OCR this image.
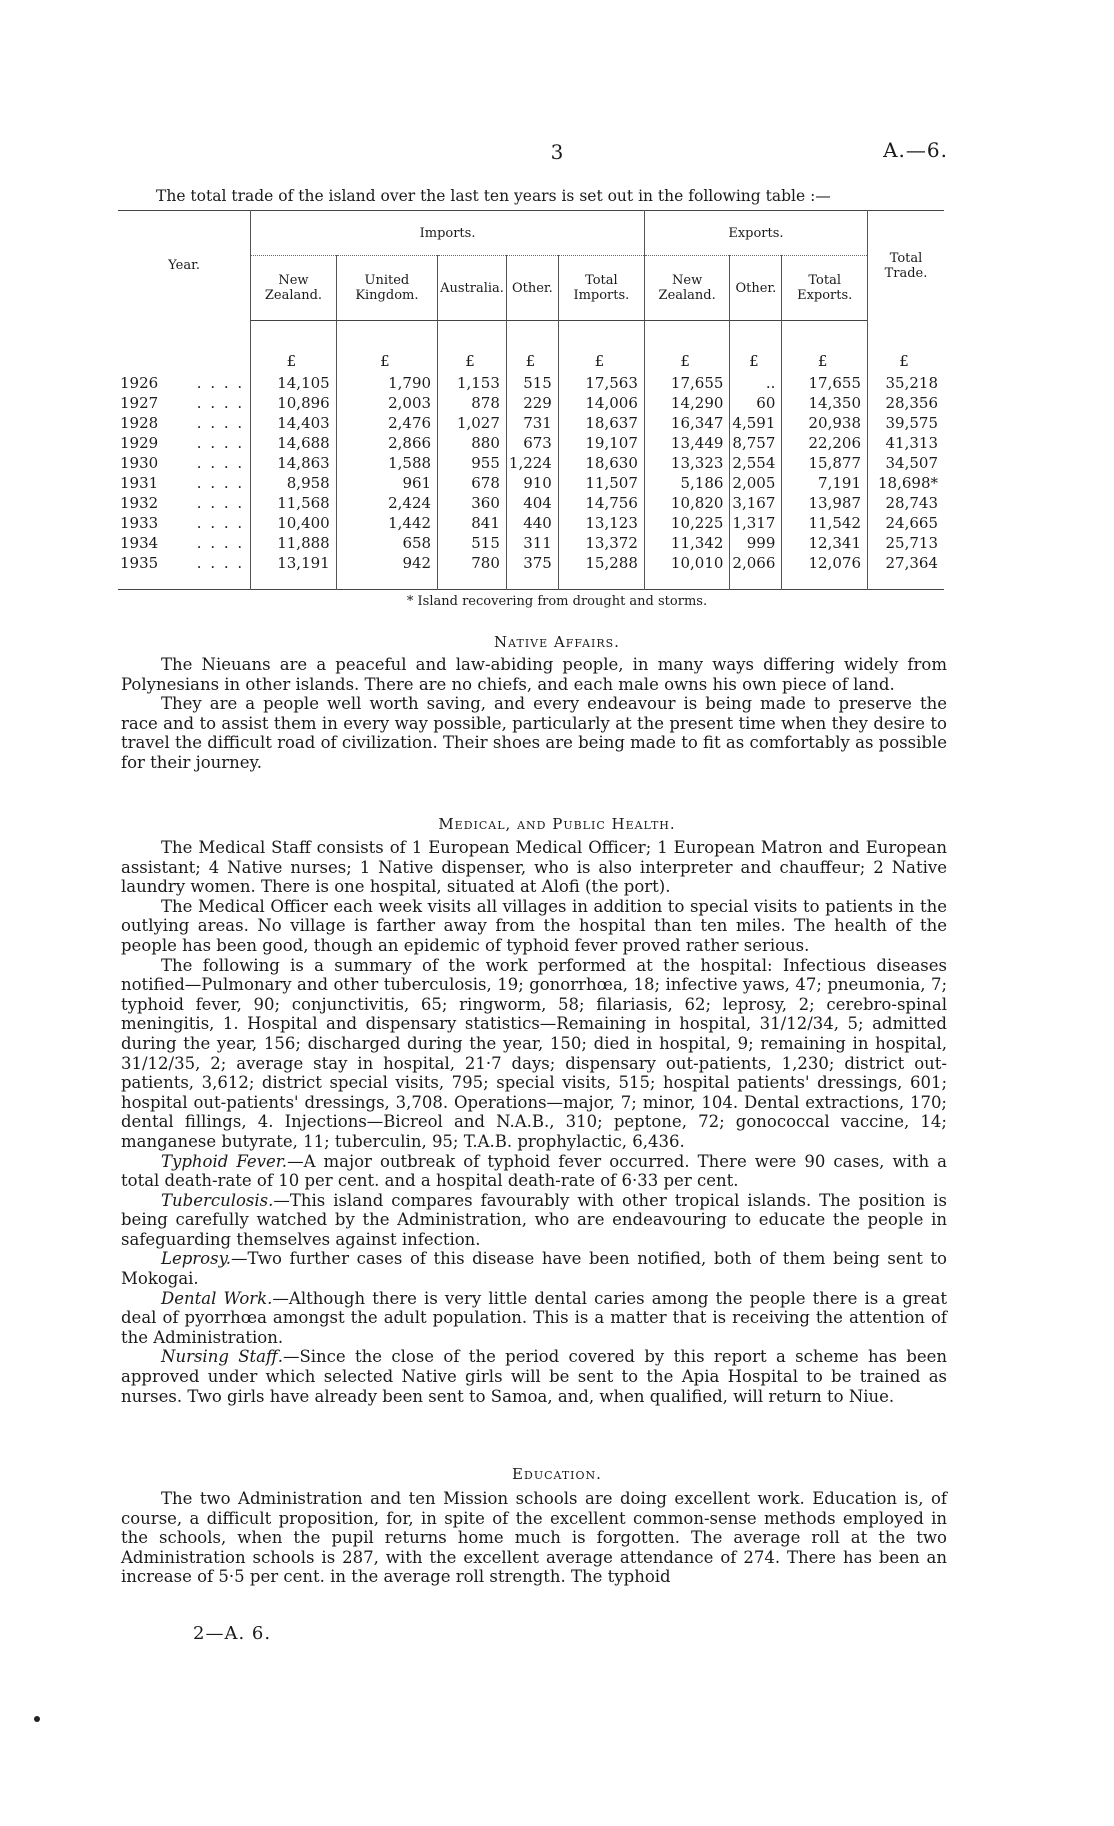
3	A.—6.
The total trade of the island over the last ten years is set out in the following table :—
Year.	Imports.					Exports.			Total Trade.
	New Zealand.	United Kingdom.	Australia.	Other.	Total Imports.	New Zealand.	Other.	Total Exports.	
	£	£	£	£	£	£	£	£	£
1926 . . . .	14,105	1,790	1,153	515	17,563	17,655	..	17,655	35,218
1927 . . . .	10,896	2,003	878	229	14,006	14,290	60	14,350	28,356
1928 . . . .	14,403	2,476	1,027	731	18,637	16,347	4,591	20,938	39,575
1929 . . . .	14,688	2,866	880	673	19,107	13,449	8,757	22,206	41,313
1930 . . . .	14,863	1,588	955	1,224	18,630	13,323	2,554	15,877	34,507
1931 . . . .	8,958	961	678	910	11,507	5,186	2,005	7,191	18,698*
1932 . . . .	11,568	2,424	360	404	14,756	10,820	3,167	13,987	28,743
1933 . . . .	10,400	1,442	841	440	13,123	10,225	1,317	11,542	24,665
1934 . . . .	11,888	658	515	311	13,372	11,342	999	12,341	25,713
1935 . . . .	13,191	942	780	375	15,288	10,010	2,066	12,076	27,364
* Island recovering from drought and storms.
Native Affairs.

The Nieuans are a peaceful and law-abiding people, in many ways differing widely from Polynesians in other islands. There are no chiefs, and each male owns his own piece of land.

They are a people well worth saving, and every endeavour is being made to preserve the race and to assist them in every way possible, particularly at the present time when they desire to travel the difficult road of civilization. Their shoes are being made to fit as comfortably as possible for their journey.

Medical, and Public Health.

The Medical Staff consists of 1 European Medical Officer; 1 European Matron and European assistant; 4 Native nurses; 1 Native dispenser, who is also interpreter and chauffeur; 2 Native laundry women. There is one hospital, situated at Alofi (the port).

The Medical Officer each week visits all villages in addition to special visits to patients in the outlying areas. No village is farther away from the hospital than ten miles. The health of the people has been good, though an epidemic of typhoid fever proved rather serious.

The following is a summary of the work performed at the hospital: Infectious diseases notified—Pulmonary and other tuberculosis, 19; gonorrhœa, 18; infective yaws, 47; pneumonia, 7; typhoid fever, 90; conjunctivitis, 65; ringworm, 58; filariasis, 62; leprosy, 2; cerebro-spinal meningitis, 1. Hospital and dispensary statistics—Remaining in hospital, 31/12/34, 5; admitted during the year, 156; discharged during the year, 150; died in hospital, 9; remaining in hospital, 31/12/35, 2; average stay in hospital, 21·7 days; dispensary out-patients, 1,230; district out-patients, 3,612; district special visits, 795; special visits, 515; hospital patients' dressings, 601; hospital out-patients' dressings, 3,708. Operations—major, 7; minor, 104. Dental extractions, 170; dental fillings, 4. Injections—Bicreol and N.A.B., 310; peptone, 72; gonococcal vaccine, 14; manganese butyrate, 11; tuberculin, 95; T.A.B. prophylactic, 6,436.

Typhoid Fever.—A major outbreak of typhoid fever occurred. There were 90 cases, with a total death-rate of 10 per cent. and a hospital death-rate of 6·33 per cent.

Tuberculosis.—This island compares favourably with other tropical islands. The position is being carefully watched by the Administration, who are endeavouring to educate the people in safeguarding themselves against infection.

Leprosy.—Two further cases of this disease have been notified, both of them being sent to Mokogai.

Dental Work.—Although there is very little dental caries among the people there is a great deal of pyorrhœa amongst the adult population. This is a matter that is receiving the attention of the Administration.

Nursing Staff.—Since the close of the period covered by this report a scheme has been approved under which selected Native girls will be sent to the Apia Hospital to be trained as nurses. Two girls have already been sent to Samoa, and, when qualified, will return to Niue.

Education.

The two Administration and ten Mission schools are doing excellent work. Education is, of course, a difficult proposition, for, in spite of the excellent common-sense methods employed in the schools, when the pupil returns home much is forgotten. The average roll at the two Administration schools is 287, with the excellent average attendance of 274. There has been an increase of 5·5 per cent. in the average roll strength. The typhoid

2—A. 6.
